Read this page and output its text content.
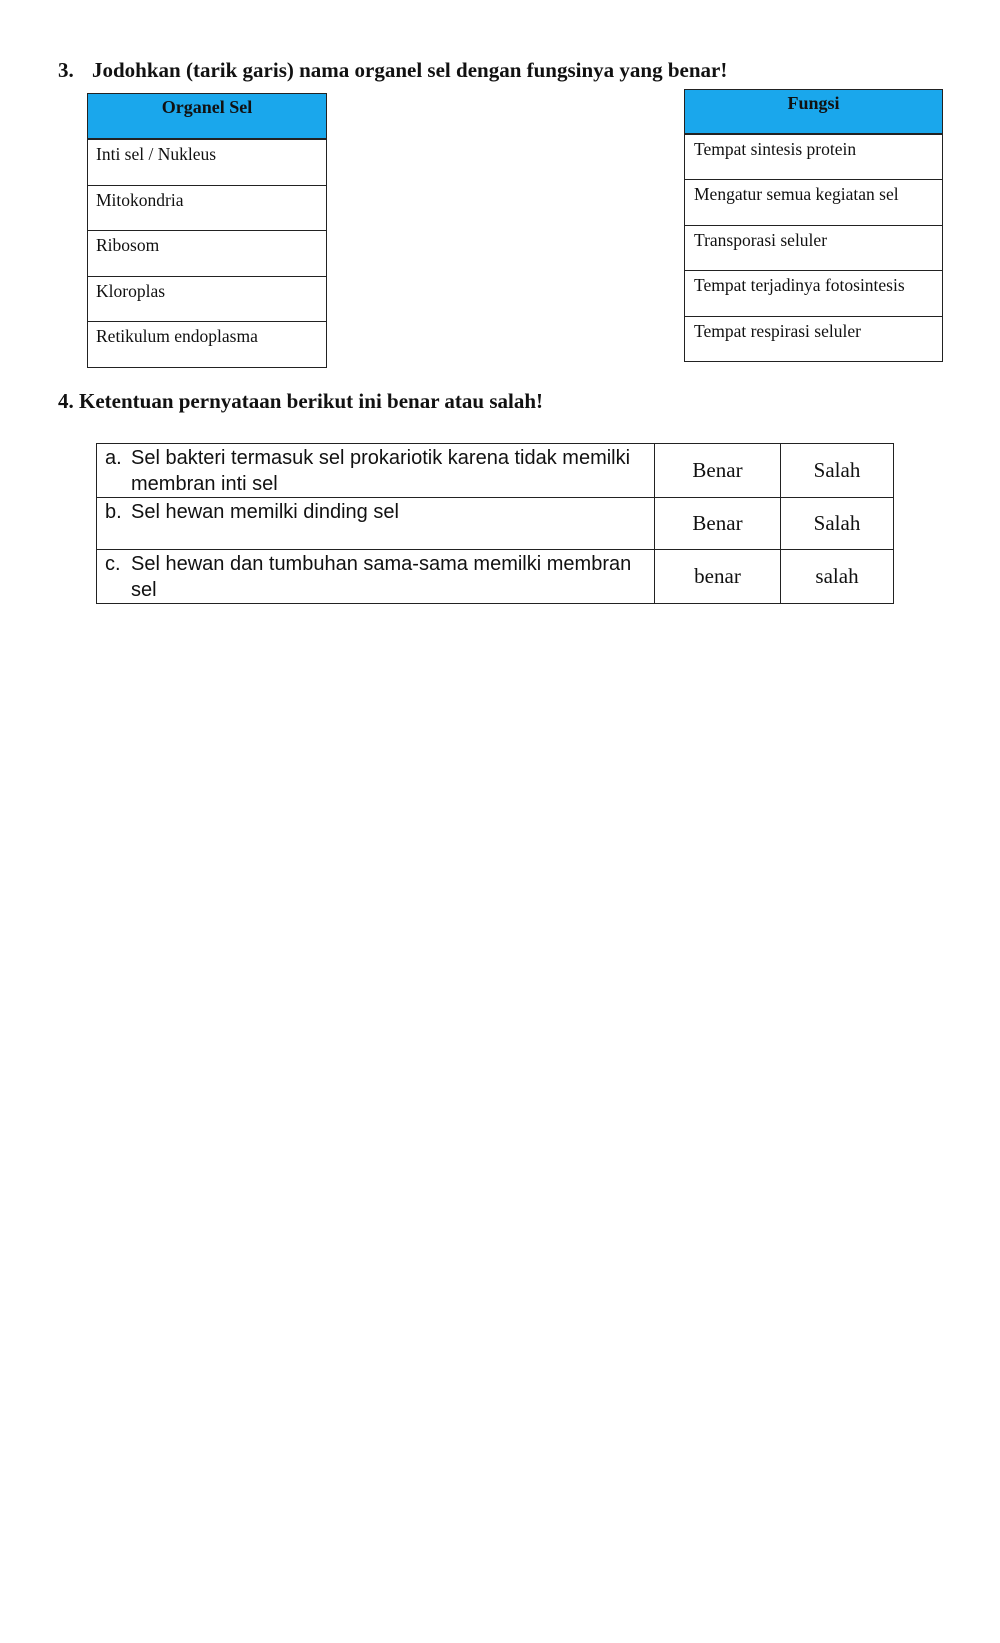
3. Jodohkan (tarik garis) nama organel sel dengan fungsinya yang benar!
Organel Sel
Inti sel / Nukleus
Mitokondria
Ribosom
Kloroplas
Retikulum endoplasma
Fungsi
Tempat sintesis protein
Mengatur semua kegiatan sel
Transporasi seluler
Tempat terjadinya fotosintesis
Tempat respirasi seluler
4. Ketentuan pernyataan berikut ini benar atau salah!
a. Sel bakteri termasuk sel prokariotik karena tidak memilki membran inti sel	Benar	Salah

b. Sel hewan memilki dinding sel	Benar	Salah

c. Sel hewan dan tumbuhan sama-sama memilki membran sel	benar	salah
